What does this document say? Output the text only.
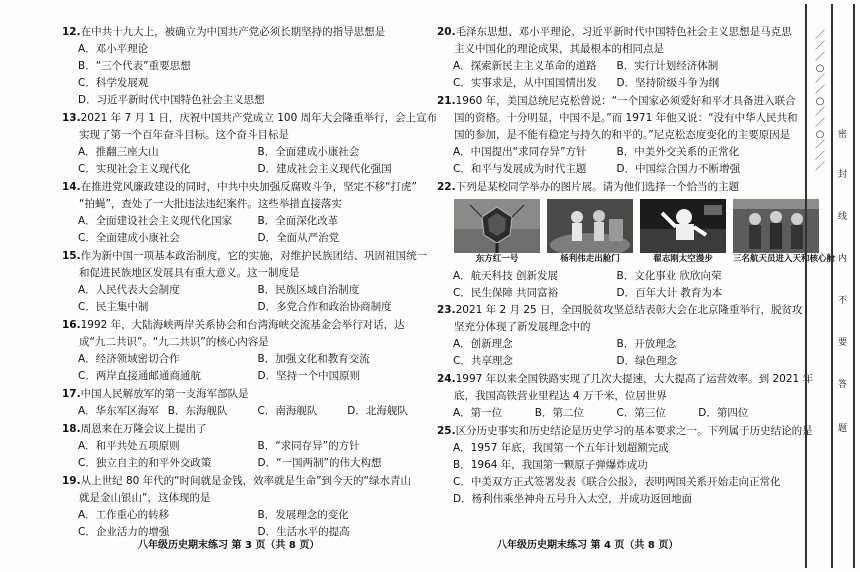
12.在中共十九大上，被确立为中国共产党必须长期坚持的指导思想是
A．邓小平理论
B．“三个代表”重要思想
C．科学发展观
D．习近平新时代中国特色社会主义思想
13.2021 年 7 月 1 日，庆祝中国共产党成立 100 周年大会隆重举行，会上宣布
实现了第一个百年奋斗目标。这个奋斗目标是
A．推翻三座大山	B．全面建成小康社会
C．实现社会主义现代化	D．建成社会主义现代化强国
14.在推进党风廉政建设的同时，中共中央加强反腐败斗争，坚定不移“打虎”
“拍蝇”，查处了一大批违法违纪案件。这些举措直接落实
A．全面建设社会主义现代化国家	B．全面深化改革
C．全面建成小康社会	D．全面从严治党
15.作为新中国一项基本政治制度，它的实施，对维护民族团结、巩固祖国统一
和促进民族地区发展具有重大意义。这一制度是
A．人民代表大会制度	B．民族区域自治制度
C．民主集中制	D．多党合作和政治协商制度
16.1992 年，大陆海峡两岸关系协会和台湾海峡交流基金会举行对话，达
成“九二共识”。“九二共识”的核心内容是
A．经济领域密切合作	B．加强文化和教育交流
C．两岸直接通邮通商通航	D．坚持一个中国原则
17.中国人民解放军的第一支海军部队是
A．华东军区海军 B．东海舰队	C．南海舰队	D．北海舰队
18.周恩来在万隆会议上提出了
A．和平共处五项原则	B．“求同存异”的方针
C．独立自主的和平外交政策	D．“一国两制”的伟大构想
19.从上世纪 80 年代的“时间就是金钱，效率就是生命”到今天的“绿水青山
就是金山银山”，这体现的是
A．工作重心的转移	B．发展理念的变化
C．企业活力的增强	D．生活水平的提高
20.毛泽东思想、邓小平理论、习近平新时代中国特色社会主义思想是马克思
主义中国化的理论成果，其最根本的相同点是
A．探索新民主主义革命的道路	B．实行计划经济体制
C．实事求是，从中国国情出发	D．坚持阶级斗争为纲
21.1960 年，美国总统尼克松曾说：“一个国家必须爱好和平才具备进入联合
国的资格。十分明显，中国不是。”而 1971 年他又说：“没有中华人民共和
国的参加，是不能有稳定与持久的和平的。”尼克松态度变化的主要原因是
A．中国提出“求同存异”方针	B．中美外交关系的正常化
C．和平与发展成为时代主题	D．中国综合国力不断增强
22.下列是某校同学举办的图片展。请为他们选择一个恰当的主题
东方红一号	杨利伟走出舱门	翟志刚太空漫步	三名航天员进入天和核心舱
A．航天科技 创新发展	B．文化事业 欣欣向荣
C．民生保障 共同富裕	D．百年大计 教育为本
23.2021 年 2 月 25 日，全国脱贫攻坚总结表彰大会在北京隆重举行，脱贫攻
坚充分体现了新发展理念中的
A．创新理念	B．开放理念
C．共享理念	D．绿色理念
24.1997 年以来全国铁路实现了几次大提速，大大提高了运营效率。到 2021 年
底，我国高铁营业里程达 4 万千米，位居世界
A．第一位	B．第二位	C．第三位	D．第四位
25.区分历史事实和历史结论是历史学习的基本要求之一。下列属于历史结论的是
A．1957 年底，我国第一个五年计划超额完成
B．1964 年，我国第一颗原子弹爆炸成功
C．中美双方正式签署发表《联合公报》，表明两国关系开始走向正常化
D．杨利伟乘坐神舟五号升入太空，并成功返回地面
八年级历史期末练习 第 3 页（共 8 页）	八年级历史期末练习 第 4 页（共 8 页）
／／／○／／○／／○／／／
密
封
线
内
不
要
答
题
